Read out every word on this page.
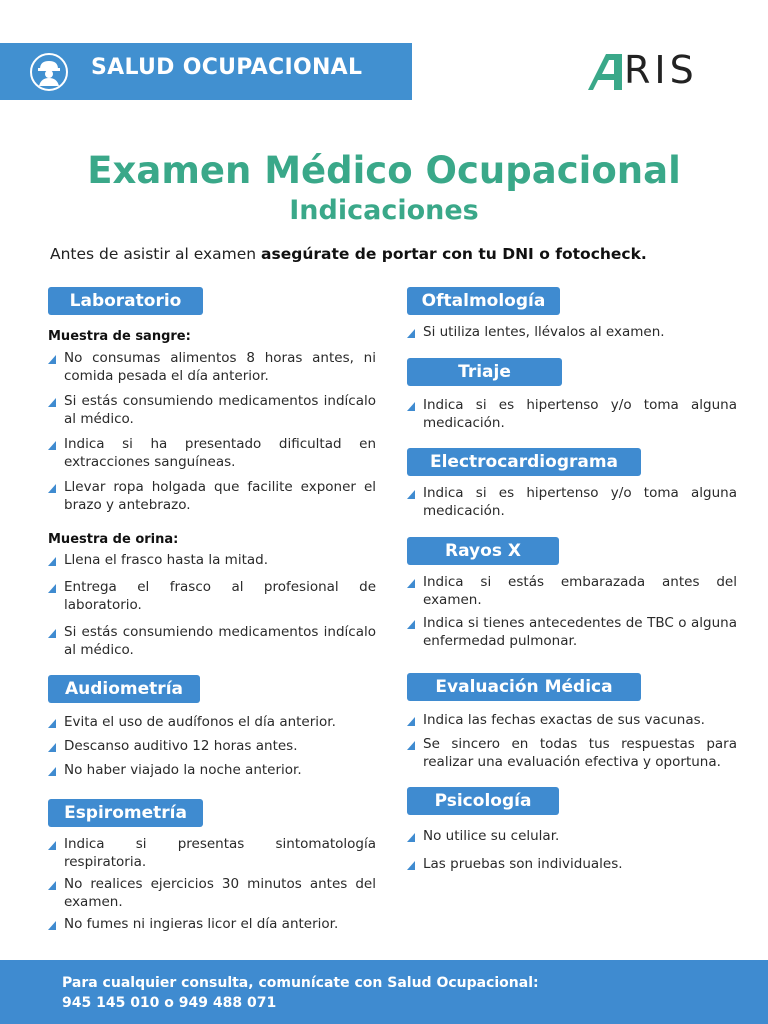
SALUD OCUPACIONAL	RIS
Examen Médico Ocupacional
Indicaciones
Antes de asistir al examen asegúrate de portar con tu DNI o fotocheck.
Laboratorio

Muestra de sangre:

No consumas alimentos 8 horas antes, ni comida pesada el día anterior.
Si estás consumiendo medicamentos indícalo al médico.
Indica si ha presentado dificultad en extracciones sanguíneas.
Llevar ropa holgada que facilite exponer el brazo y antebrazo.

Muestra de orina:

Llena el frasco hasta la mitad.
Entrega el frasco al profesional de laboratorio.
Si estás consumiendo medicamentos indícalo al médico.
Audiometría
Evita el uso de audífonos el día anterior.
Descanso auditivo 12 horas antes.
No haber viajado la noche anterior.
Espirometría
Indica si presentas sintomatología respiratoria.
No realices ejercicios 30 minutos antes del examen.
No fumes ni ingieras licor el día anterior.
Oftalmología
Si utiliza lentes, llévalos al examen.
Triaje
Indica si es hipertenso y/o toma alguna medicación.
Electrocardiograma
Indica si es hipertenso y/o toma alguna medicación.
Rayos X
Indica si estás embarazada antes del examen.
Indica si tienes antecedentes de TBC o alguna enfermedad pulmonar.
Evaluación Médica
Indica las fechas exactas de sus vacunas.
Se sincero en todas tus respuestas para realizar una evaluación efectiva y oportuna.
Psicología
No utilice su celular.
Las pruebas son individuales.
Para cualquier consulta, comunícate con Salud Ocupacional:
945 145 010 o 949 488 071
